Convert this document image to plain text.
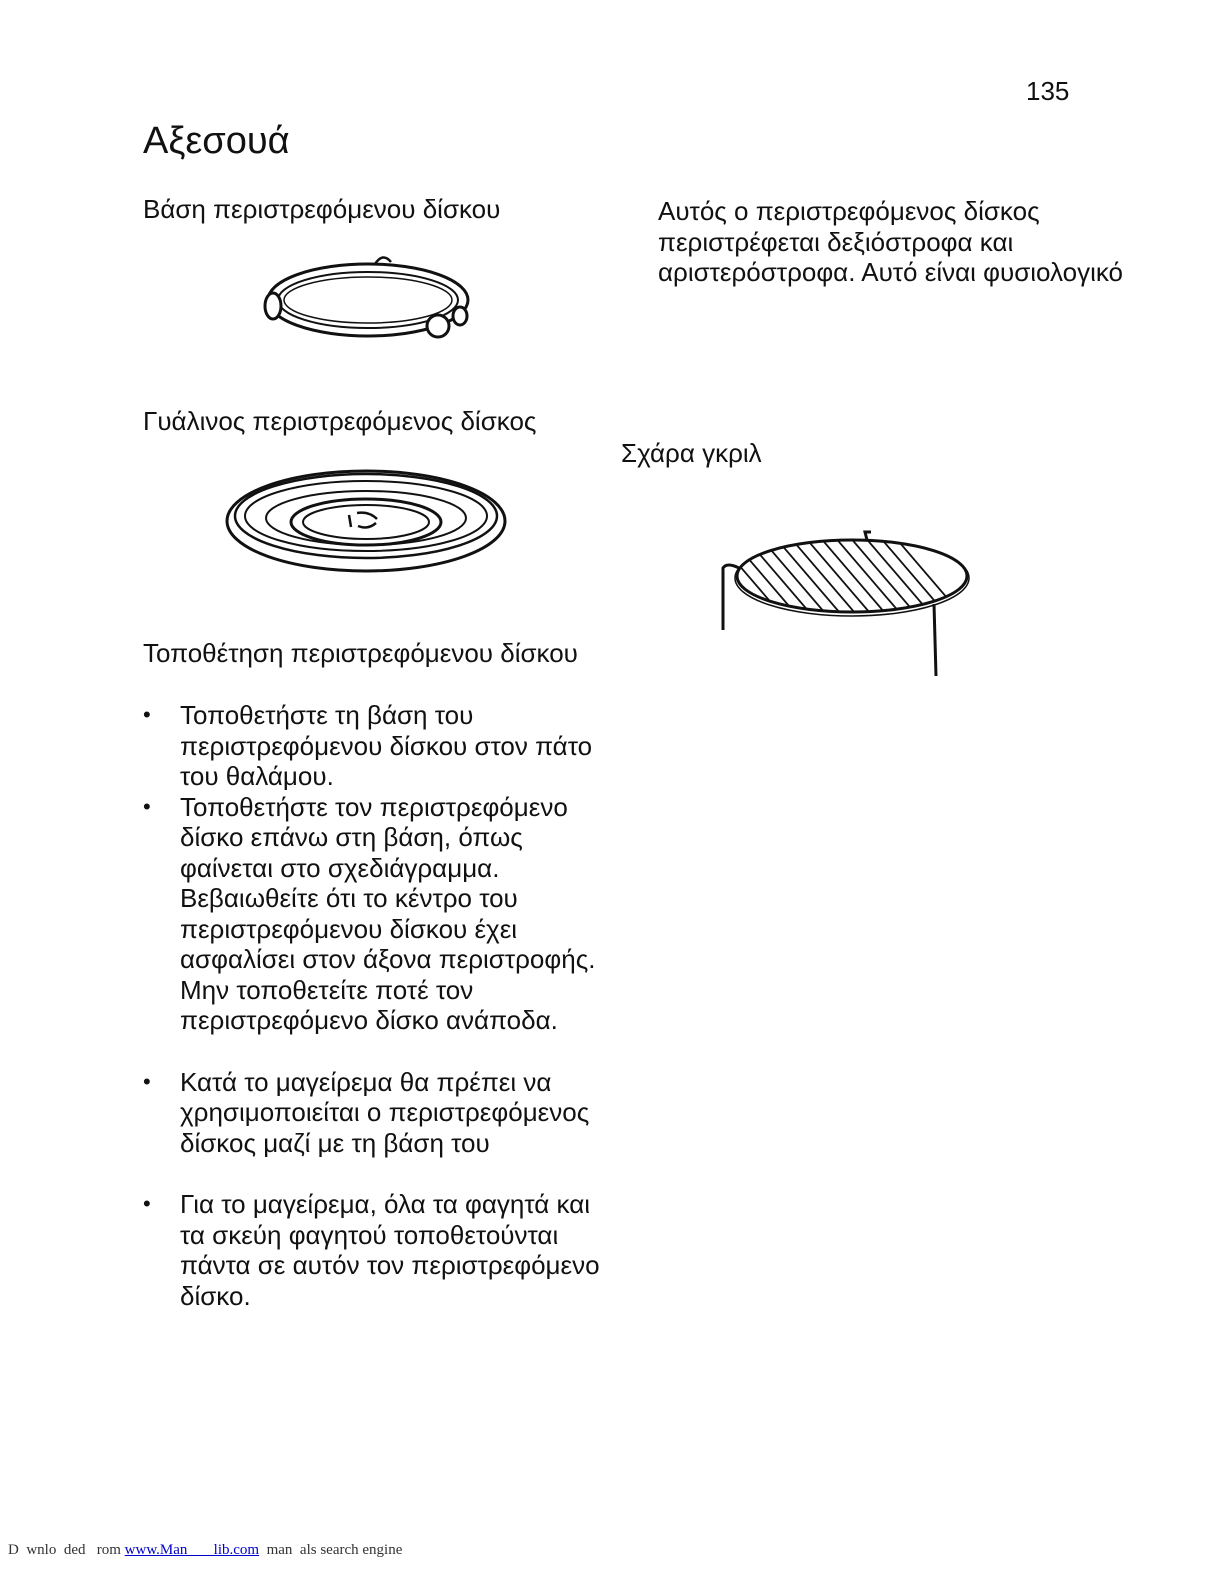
135
Αξεσουά
Βάση περιστρεφόμενου δίσκου	Αυτός ο περιστρεφόμενος δίσκος περιστρέφεται δεξιόστροφα και αριστερόστροφα. Αυτό είναι φυσιολογικό
Γυάλινος περιστρεφόμενος δίσκος
Σχάρα γκριλ
Τοποθέτηση περιστρεφόμενου δίσκου
• Τοποθετήστε τη βάση του περιστρεφόμενου δίσκου στον πάτο του θαλάμου.
• Τοποθετήστε τον περιστρεφόμενο δίσκο επάνω στη βάση, όπως φαίνεται στο σχεδιάγραμμα. Βεβαιωθείτε ότι το κέντρο του περιστρεφόμενου δίσκου έχει ασφαλίσει στον άξονα περιστροφής. Μην τοποθετείτε ποτέ τον περιστρεφόμενο δίσκο ανάποδα.
• Κατά το μαγείρεμα θα πρέπει να χρησιμοποιείται ο περιστρεφόμενος δίσκος μαζί με τη βάση του
• Για το μαγείρεμα, όλα τα φαγητά και τα σκεύη φαγητού τοποθετούνται πάντα σε αυτόν τον περιστρεφόμενο δίσκο.
D  wnlo  ded   rom www.Man       lib.com  man  als search engine
